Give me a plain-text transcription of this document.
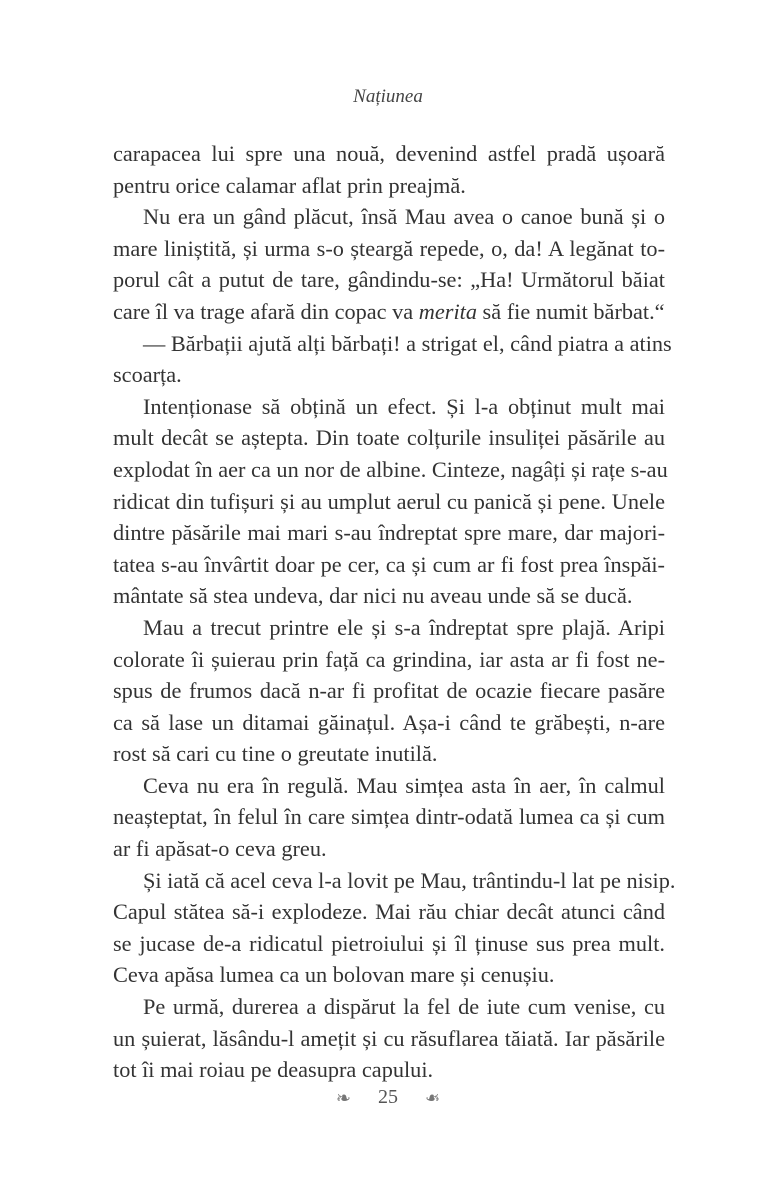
Națiunea
carapacea lui spre una nouă, devenind astfel pradă ușoară
pentru orice calamar aflat prin preajmă.
Nu era un gând plăcut, însă Mau avea o canoe bună și o
mare liniștită, și urma s-o șteargă repede, o, da! A legănat to-
porul cât a putut de tare, gândindu-se: „Ha! Următorul băiat
care îl va trage afară din copac va merita să fie numit bărbat.“
— Bărbații ajută alți bărbați! a strigat el, când piatra a atins
scoarța.
Intenționase să obțină un efect. Și l-a obținut mult mai
mult decât se aștepta. Din toate colțurile insuliței păsările au
explodat în aer ca un nor de albine. Cinteze, nagâți și rațe s-au
ridicat din tufișuri și au umplut aerul cu panică și pene. Unele
dintre păsările mai mari s-au îndreptat spre mare, dar majori-
tatea s-au învârtit doar pe cer, ca și cum ar fi fost prea înspăi-
mântate să stea undeva, dar nici nu aveau unde să se ducă.
Mau a trecut printre ele și s-a îndreptat spre plajă. Aripi
colorate îi șuierau prin față ca grindina, iar asta ar fi fost ne-
spus de frumos dacă n-ar fi profitat de ocazie fiecare pasăre
ca să lase un ditamai găinațul. Așa-i când te grăbești, n-are
rost să cari cu tine o greutate inutilă.
Ceva nu era în regulă. Mau simțea asta în aer, în calmul
neașteptat, în felul în care simțea dintr-odată lumea ca și cum
ar fi apăsat-o ceva greu.
Și iată că acel ceva l-a lovit pe Mau, trântindu-l lat pe nisip.
Capul stătea să-i explodeze. Mai rău chiar decât atunci când
se jucase de-a ridicatul pietroiului și îl ținuse sus prea mult.
Ceva apăsa lumea ca un bolovan mare și cenușiu.
Pe urmă, durerea a dispărut la fel de iute cum venise, cu
un șuierat, lăsându-l amețit și cu răsuflarea tăiată. Iar păsările
tot îi mai roiau pe deasupra capului.
❧ 25 ❧
